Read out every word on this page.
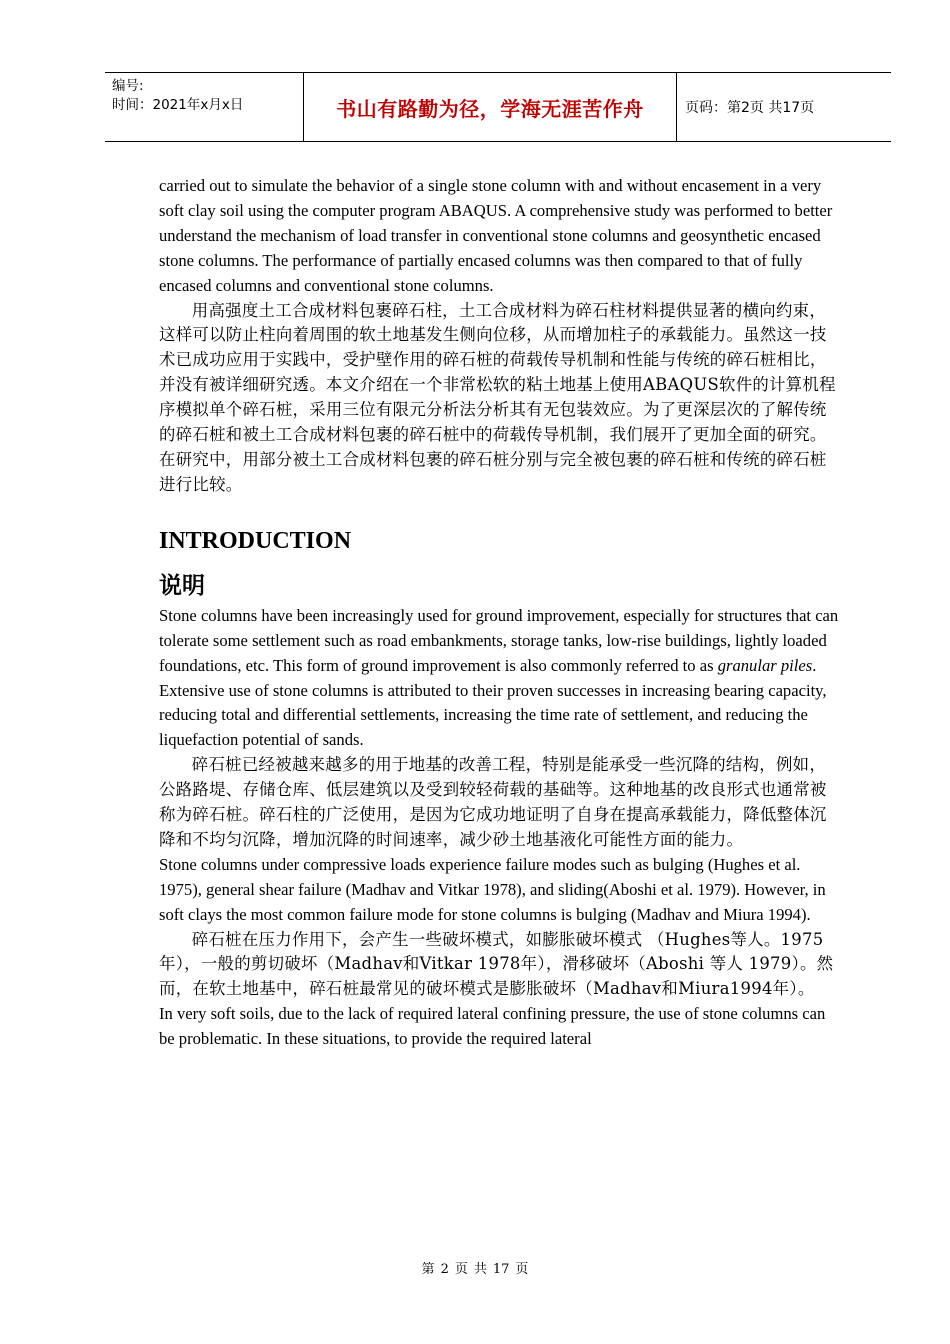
编号:
时间：2021年x月x日	书山有路勤为径，学海无涯苦作舟	页码：第2页 共17页

carried out to simulate the behavior of a single stone column with and without encasement in a very soft clay soil using the computer program ABAQUS. A comprehensive study was performed to better understand the mechanism of load transfer in conventional stone columns and geosynthetic encased stone columns. The performance of partially encased columns was then compared to that of fully encased columns and conventional stone columns.

用高强度土工合成材料包裹碎石柱，土工合成材料为碎石柱材料提供显著的横向约束，这样可以防止柱向着周围的软土地基发生侧向位移，从而增加柱子的承载能力。虽然这一技术已成功应用于实践中，受护壁作用的碎石桩的荷载传导机制和性能与传统的碎石桩相比，并没有被详细研究透。本文介绍在一个非常松软的粘土地基上使用ABAQUS软件的计算机程序模拟单个碎石桩，采用三位有限元分析法分析其有无包装效应。为了更深层次的了解传统的碎石桩和被土工合成材料包裹的碎石桩中的荷载传导机制，我们展开了更加全面的研究。在研究中，用部分被土工合成材料包裹的碎石桩分别与完全被包裹的碎石桩和传统的碎石桩进行比较。

INTRODUCTION
说明

Stone columns have been increasingly used for ground improvement, especially for structures that can tolerate some settlement such as road embankments, storage tanks, low-rise buildings, lightly loaded foundations, etc. This form of ground improvement is also commonly referred to as granular piles. Extensive use of stone columns is attributed to their proven successes in increasing bearing capacity, reducing total and differential settlements, increasing the time rate of settlement, and reducing the liquefaction potential of sands.

碎石桩已经被越来越多的用于地基的改善工程，特别是能承受一些沉降的结构，例如，公路路堤、存储仓库、低层建筑以及受到较轻荷载的基础等。这种地基的改良形式也通常被称为碎石桩。碎石柱的广泛使用，是因为它成功地证明了自身在提高承载能力，降低整体沉降和不均匀沉降，增加沉降的时间速率，减少砂土地基液化可能性方面的能力。

Stone columns under compressive loads experience failure modes such as bulging (Hughes et al. 1975), general shear failure (Madhav and Vitkar 1978), and sliding(Aboshi et al. 1979). However, in soft clays the most common failure mode for stone columns is bulging (Madhav and Miura 1994).

碎石桩在压力作用下，会产生一些破坏模式，如膨胀破坏模式 （Hughes等人。1975年），一般的剪切破坏（Madhav和Vitkar 1978年），滑移破坏（Aboshi 等人 1979）。然而，在软土地基中，碎石桩最常见的破坏模式是膨胀破坏（Madhav和Miura1994年）。

In very soft soils, due to the lack of required lateral confining pressure, the use of stone columns can be problematic. In these situations, to provide the required lateral

第 2 页 共 17 页
